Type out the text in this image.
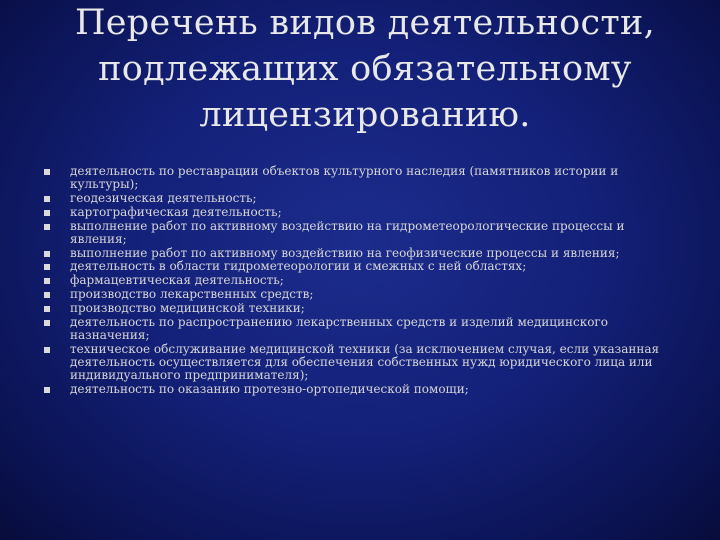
Перечень видов деятельности,
подлежащих обязательному
лицензированию.
деятельность по реставрации объектов культурного наследия (памятников истории и культуры);
геодезическая деятельность;
картографическая деятельность;
выполнение работ по активному воздействию на гидрометеорологические процессы и явления;
выполнение работ по активному воздействию на геофизические процессы и явления;
деятельность в области гидрометеорологии и смежных с ней областях;
фармацевтическая деятельность;
производство лекарственных средств;
производство медицинской техники;
деятельность по распространению лекарственных средств и изделий медицинского назначения;
техническое обслуживание медицинской техники (за исключением случая, если указанная деятельность осуществляется для обеспечения собственных нужд юридического лица или индивидуального предпринимателя);
деятельность по оказанию протезно-ортопедической помощи;
